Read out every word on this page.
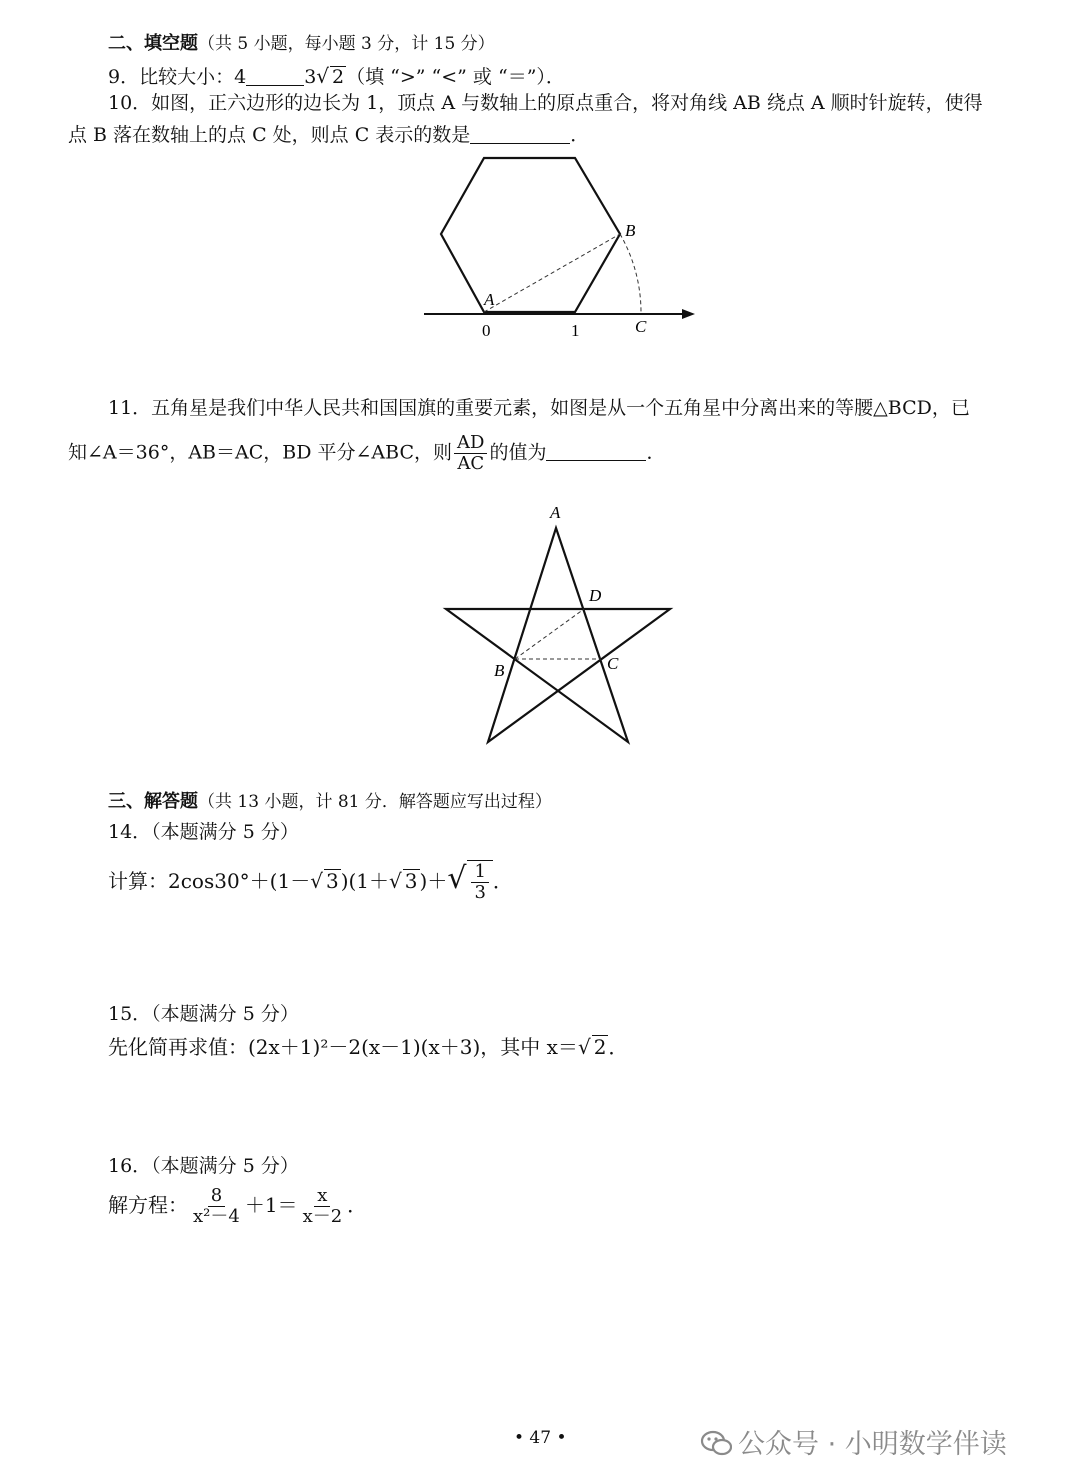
二、填空题（共 5 小题，每小题 3 分，计 15 分）
9．比较大小：4	3√ 2 （填 “>” “<” 或 “＝”）．
10．如图，正六边形的边长为 1，顶点 A 与数轴上的原点重合，将对角线 AB 绕点 A 顺时针旋转，使得
点 B 落在数轴上的点 C 处，则点 C 表示的数是	．
A
B
C
0	1
11．五角星是我们中华人民共和国国旗的重要元素，如图是从一个五角星中分离出来的等腰△BCD，已
知∠A＝36°，AB＝AC，BD 平分∠ABC，则 $\frac{AD}{AC}$ 的值为	．
A
B	C
D
三、解答题（共 13 小题，计 81 分．解答题应写出过程）
14．（本题满分 5 分）
计算：2cos30°＋(1－√ 3 )(1＋√ 3 )＋√ $\frac{1}{3}$ ．
15．（本题满分 5 分）
先化简再求值：(2x＋1)²－2(x－1)(x＋3)，其中 x＝√ 2 ．
16．（本题满分 5 分）
解方程： $\frac{8}{\text{x²－4}} +1= \frac{x}{x-2}$ ．
• 47 •	公众号 · 小明数学伴读
